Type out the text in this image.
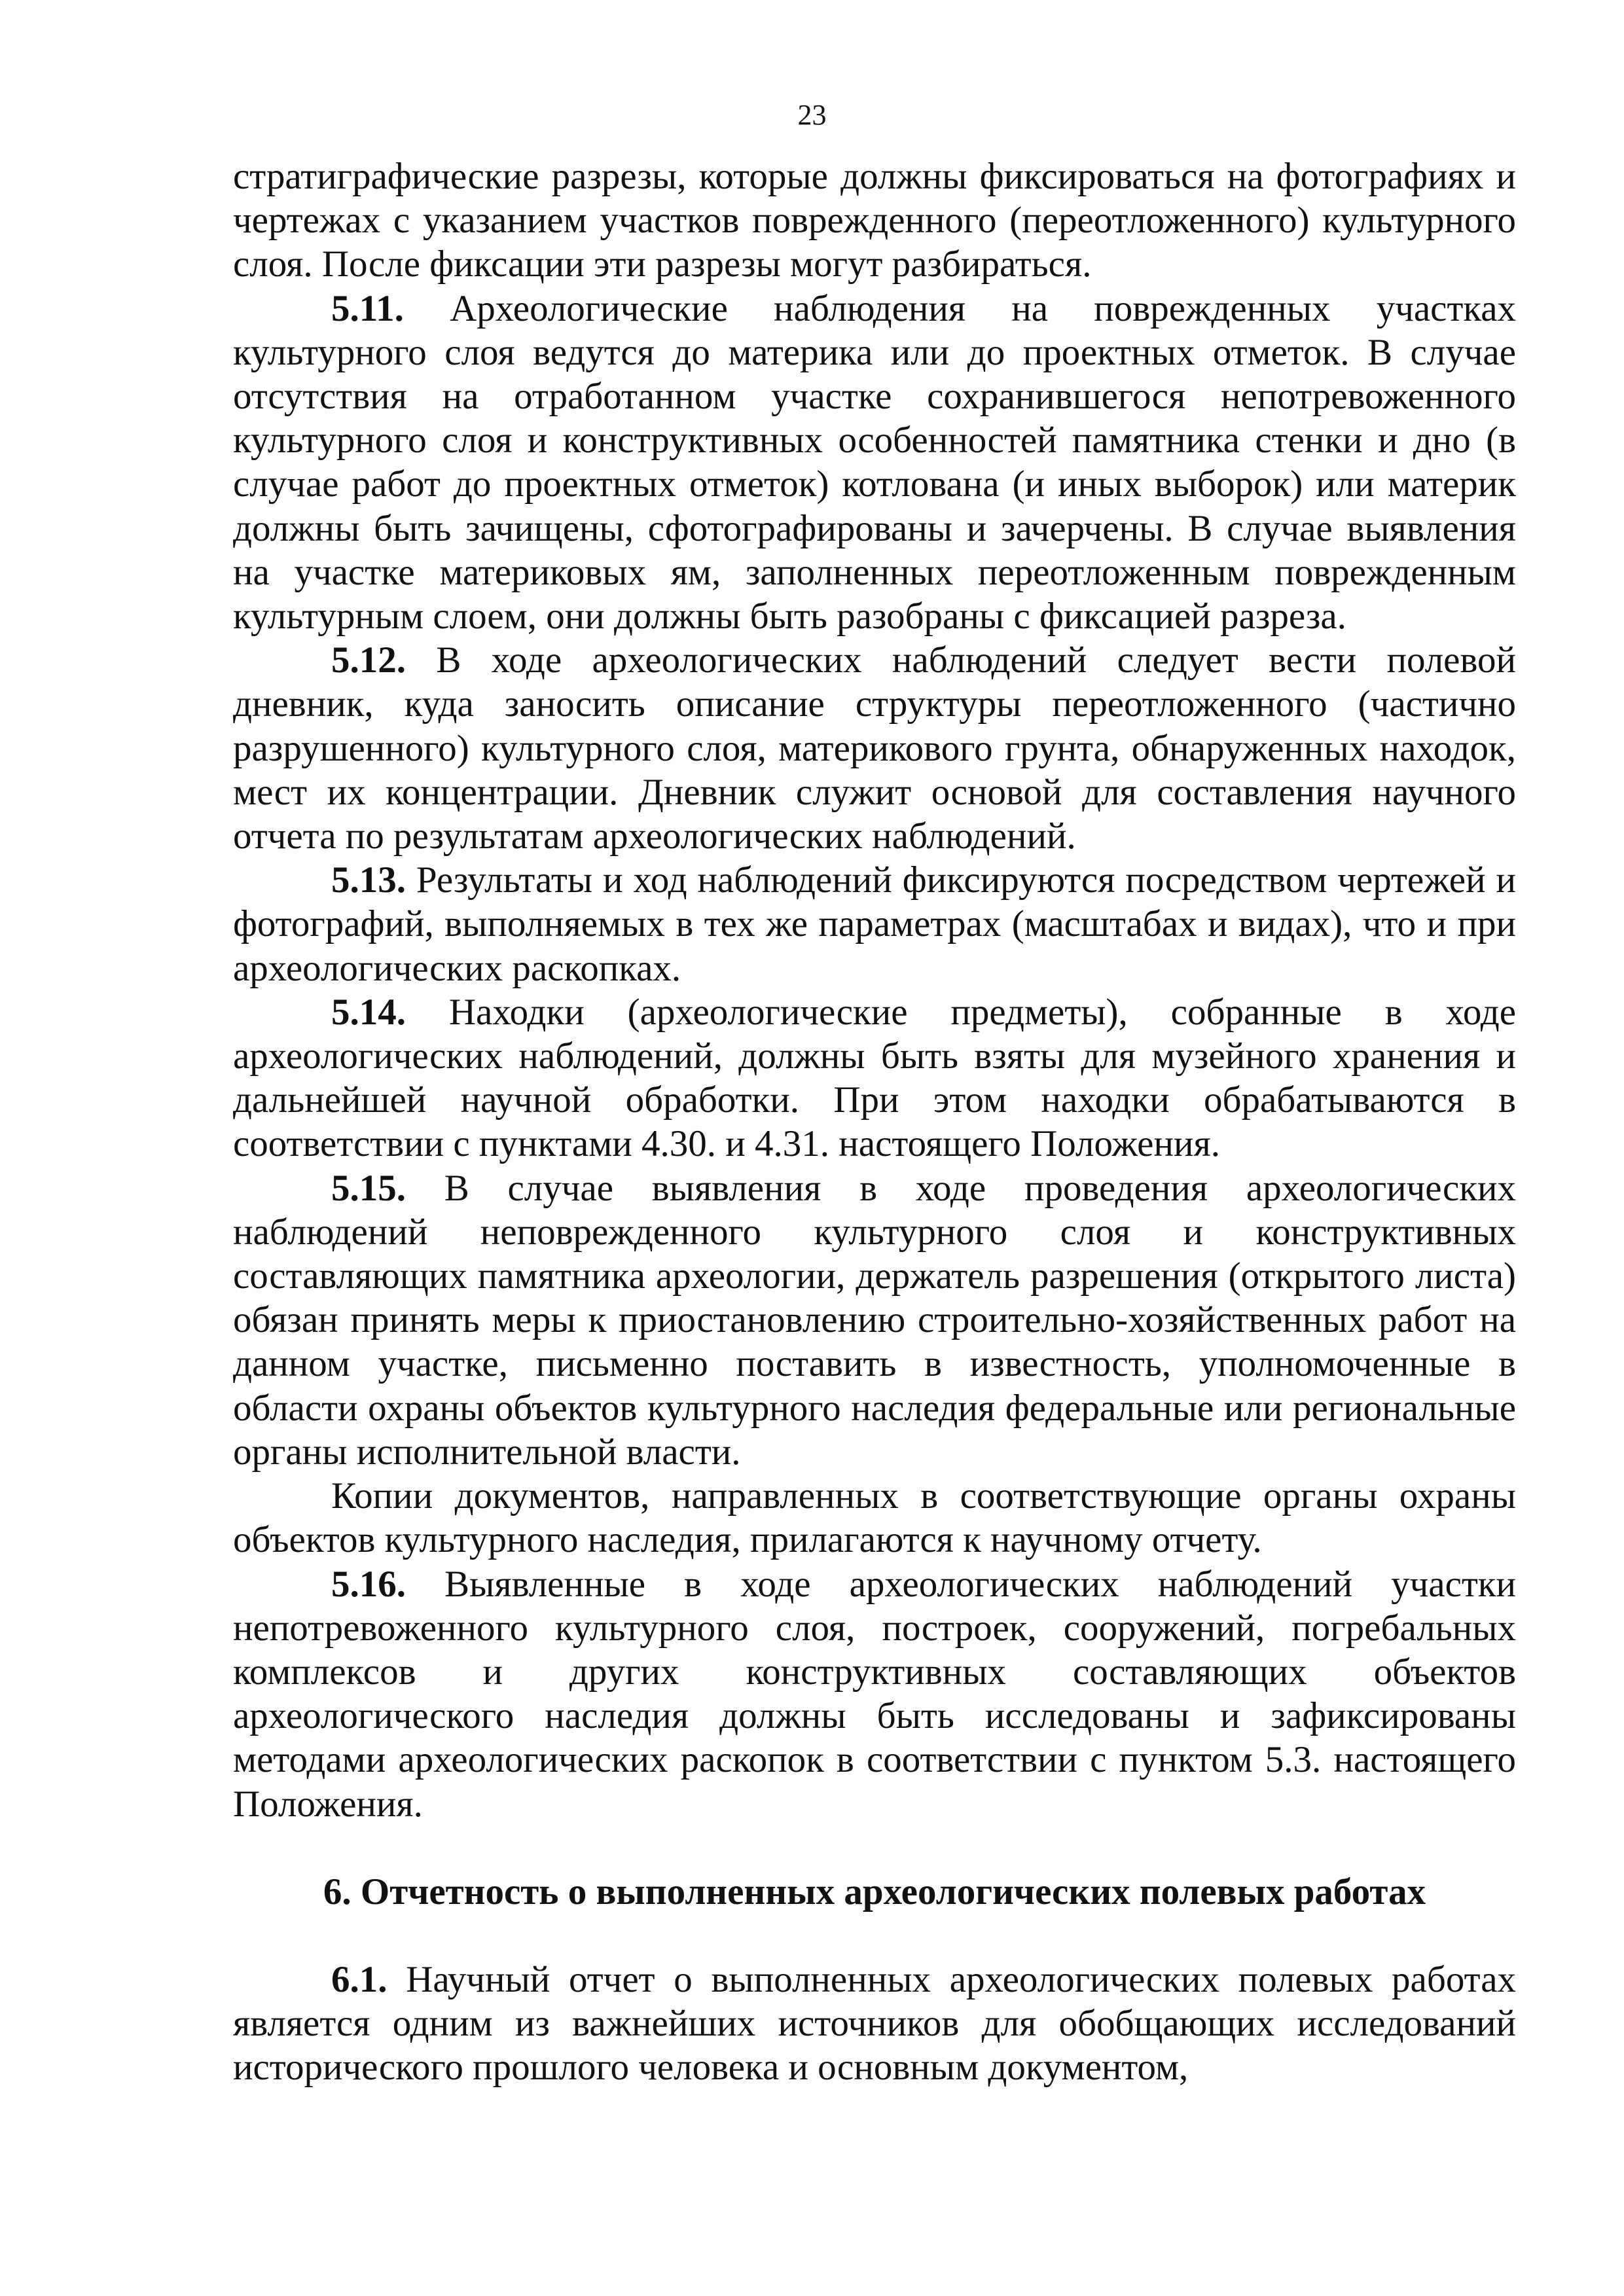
23

стратиграфические разрезы, которые должны фиксироваться на фотографиях и чертежах с указанием участков поврежденного (переотложенного) культурного слоя. После фиксации эти разрезы могут разбираться.

5.11. Археологические наблюдения на поврежденных участках культурного слоя ведутся до материка или до проектных отметок. В случае отсутствия на отработанном участке сохранившегося непотревоженного культурного слоя и конструктивных особенностей памятника стенки и дно (в случае работ до проектных отметок) котлована (и иных выборок) или материк должны быть зачищены, сфотографированы и зачерчены. В случае выявления на участке материковых ям, заполненных переотложенным поврежденным культурным слоем, они должны быть разобраны с фиксацией разреза.

5.12. В ходе археологических наблюдений следует вести полевой дневник, куда заносить описание структуры переотложенного (частично разрушенного) культурного слоя, материкового грунта, обнаруженных находок, мест их концентрации. Дневник служит основой для составления научного отчета по результатам археологических наблюдений.

5.13. Результаты и ход наблюдений фиксируются посредством чертежей и фотографий, выполняемых в тех же параметрах (масштабах и видах), что и при археологических раскопках.

5.14. Находки (археологические предметы), собранные в ходе археологических наблюдений, должны быть взяты для музейного хранения и дальнейшей научной обработки. При этом находки обрабатываются в соответствии с пунктами 4.30. и 4.31. настоящего Положения.

5.15. В случае выявления в ходе проведения археологических наблюдений неповрежденного культурного слоя и конструктивных составляющих памятника археологии, держатель разрешения (открытого листа) обязан принять меры к приостановлению строительно-хозяйственных работ на данном участке, письменно поставить в известность, уполномоченные в области охраны объектов культурного наследия федеральные или региональные органы исполнительной власти.

Копии документов, направленных в соответствующие органы охраны объектов культурного наследия, прилагаются к научному отчету.

5.16. Выявленные в ходе археологических наблюдений участки непотревоженного культурного слоя, построек, сооружений, погребальных комплексов и других конструктивных составляющих объектов археологического наследия должны быть исследованы и зафиксированы методами археологических раскопок в соответствии с пунктом 5.3. настоящего Положения.

6. Отчетность о выполненных археологических полевых работах

6.1. Научный отчет о выполненных археологических полевых работах является одним из важнейших источников для обобщающих исследований исторического прошлого человека и основным документом,
